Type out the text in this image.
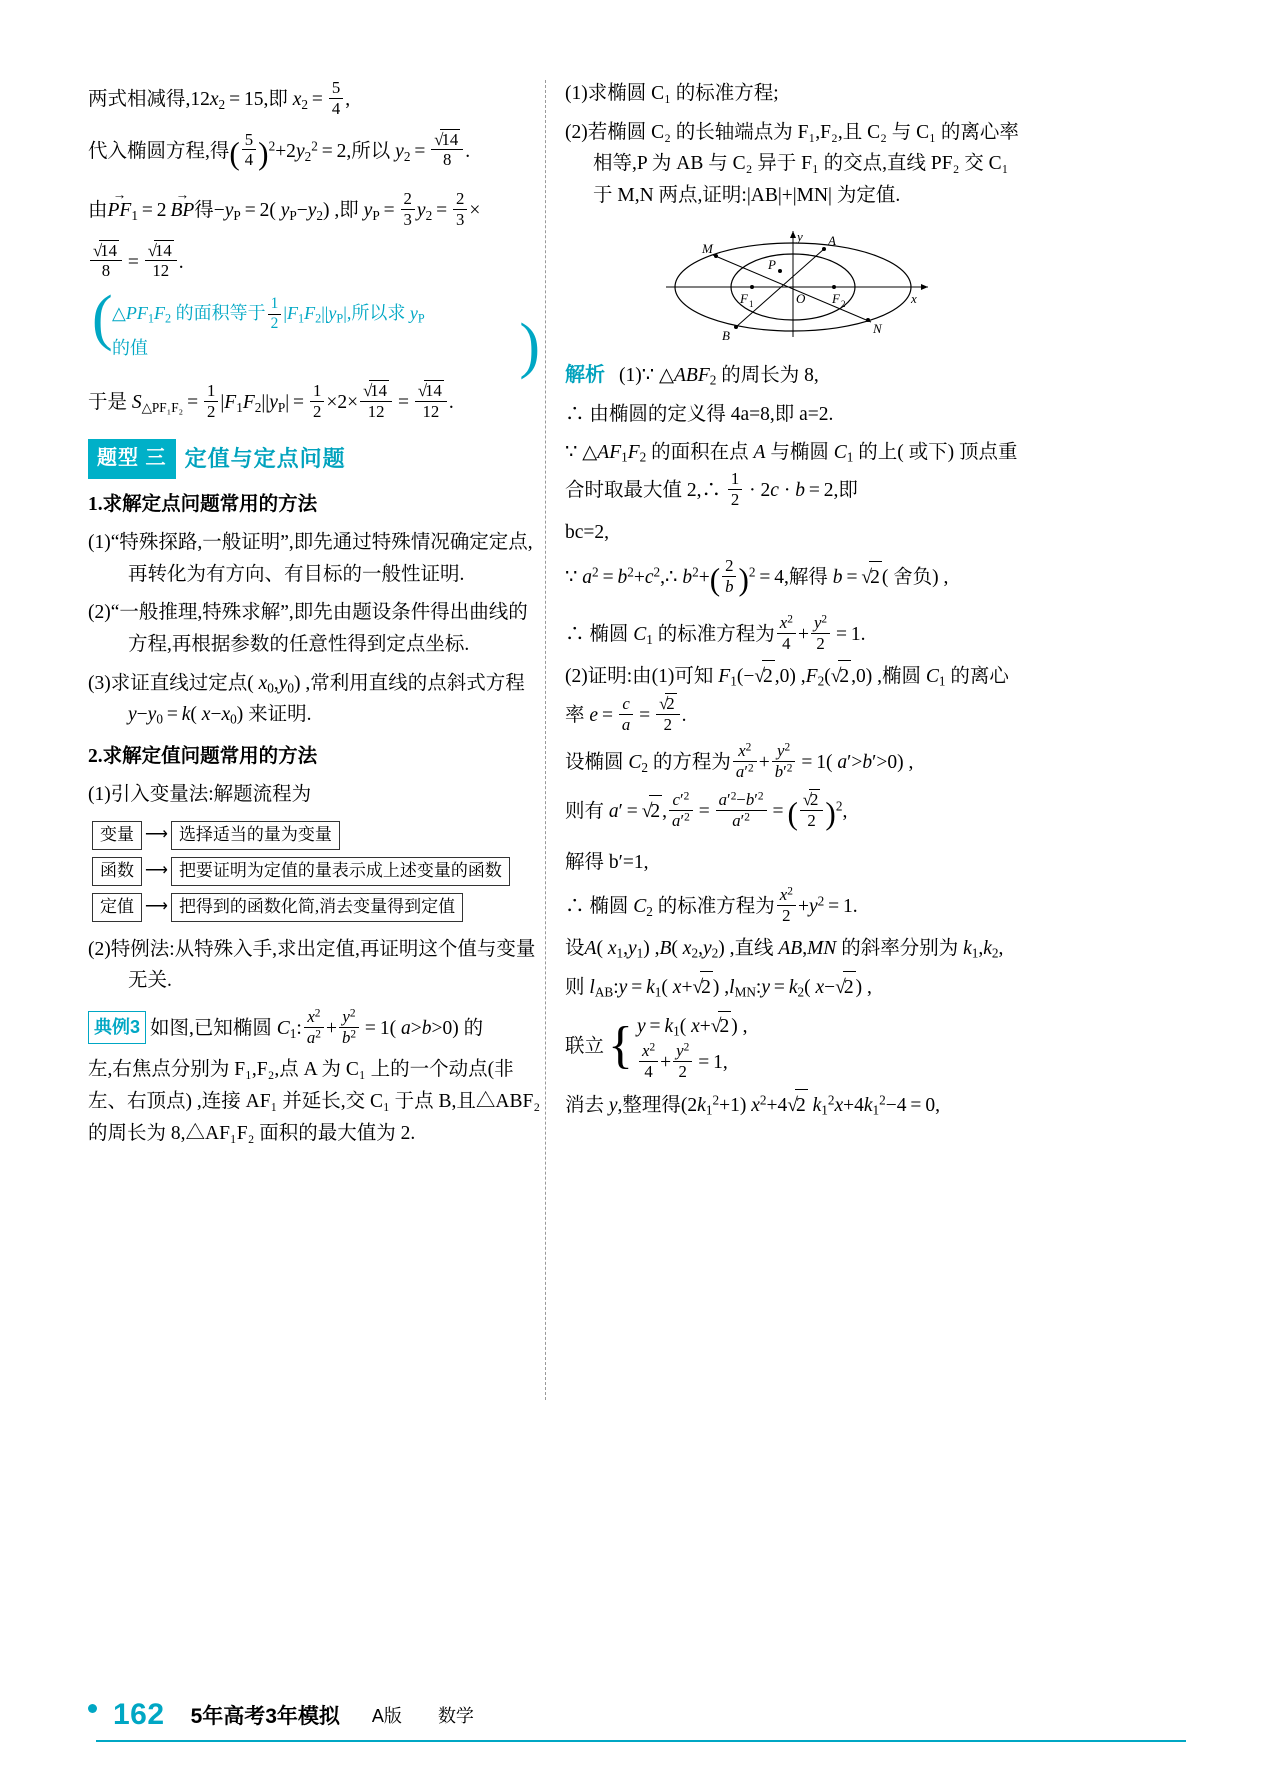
两式相减得$,12x_2 = 15$,即 $x_2 = \frac{5}{4}$ ,

代入椭圆方程,得( $\frac{5}{4} )^2+2y_2^2 = 2$,所以 $y_2$ =  √ $\frac{14}{8}$ .

由PF $\to_1 = 2$ BP →得$-y_P = 2$( $y_P-y_2$) ,即 $y_P = \frac{2}{3} y_2 = \frac{2}{3}$ ×

√ $\frac{14}{8}$  =  √ $\frac{14}{12}$ .

(	)
$\triangle PF_1F_2$ 的面积等于 $\frac{1}{2} |F_1F_2||y_P|$,所以求 $y_P$
的值

于是 $S_{\triangle PF_1F_2} = \frac{1}{2} |F_1F_2||y_P| = \frac{1}{2} \times 2\times$ √ $\frac{14}{12}$  =  √ $\frac{14}{12}$ .

题型 三 定值与定点问题

1.求解定点问题常用的方法

(1)“特殊探路,一般证明”,即先通过特殊情况确定定点,再转化为有方向、有目标的一般性证明.

(2)“一般推理,特殊求解”,即先由题设条件得出曲线的方程,再根据参数的任意性得到定点坐标.

(3)求证直线过定点( $x_0,y_0$) ,常利用直线的点斜式方程 $y-y_0 = k$( $x-x_0$) 来证明.

2.求解定值问题常用的方法

(1)引入变量法:解题流程为

变量 ⟶ 选择适当的量为变量
函数 ⟶ 把要证明为定值的量表示成上述变量的函数
定值 ⟶ 把得到的函数化简,消去变量得到定值

(2)特例法:从特殊入手,求出定值,再证明这个值与变量无关.

典例3 如图,已知椭圆 $C_1$: $\frac{x^2}{a^2} + \frac{y^2}{b^2} = 1$( a>b>0) 的

左,右焦点分别为 F₁,F₂,点 A 为 C₁ 上的一个动点(非左、右顶点) ,连接 AF₁ 并延长,交 C₁ 于点 B,且△ABF₂ 的周长为 8,△AF₁F₂ 面积的最大值为 2.

(1)求椭圆 C₁ 的标准方程;

(2)若椭圆 C₂ 的长轴端点为 F₁,F₂,且 C₂ 与 C₁ 的离心率相等,P 为 AB 与 C₂ 异于 F₁ 的交点,直线 PF₂ 交 C₁ 于 M,N 两点,证明:|AB|+|MN| 为定值.

M
y A
P
F 1	O F 2	x
B	N

解析 (1)∵ $\triangle ABF_2$ 的周长为 8,

∴ 由椭圆的定义得 4a=8,即 a=2.

∵ $\triangle AF_1F_2$ 的面积在点 A 与椭圆 $C_1$ 的上( 或下) 顶点重合时取最大值 2,∴ $\frac{1}{2} \cdot 2c \cdot b = 2$,即

bc=2,

∵ $a^2$ = $b^2+c^2,\therefore$ $b^2+( \frac{2}{b} )^2 = 4$,解得 b = √ 2 ( 舍负) ,

∴ 椭圆 $C_1$ 的标准方程为 $\frac{x^2}{4} + \frac{y^2}{2} = 1$.

(2)证明:由(1)可知 $F_1(-$ √ 2 ,0) $,F_2$( √ 2 ,0) ,椭圆 $C_1$ 的离心率 $e = \frac{c}{a}$  =  √ $\frac{2}{2}$ .

设椭圆 $C_2$ 的方程为 $\frac{x^2}{a'^2} + \frac{y^2}{b'^2} = 1$( a′>b′>0) ,

则有 a′ = √ 2 , $\frac{c'^2}{a'^2} = \frac{a'^2-b'^2}{a'^2}$  = ( √ $\frac{2}{2} )^2$,

解得 b′=1,

∴ 椭圆 $C_2$ 的标准方程为 $\frac{x^2}{2} +y^2 = 1$.

设A( $x_1,y_1$) ,B( $x_2,y_2$) ,直线 AB,MN 的斜率分别为 $k_1,k_2$,

则 $l_{AB}:y = k_1$( x+ √ 2 ) $,l_{MN}:y = k_2$( x− √ 2 ) ,

联立 { $y = k_1$( x+ √ 2 ) ,
$\frac{x^2}{4} + \frac{y^2}{2} = 1$,

消去 y,整理得$(2k_1^2+1)$ $x^2+4$ √ 2 $k_1^2x+4k_1^2-4 = 0$,

162 5年高考3年模拟 A版 数学
